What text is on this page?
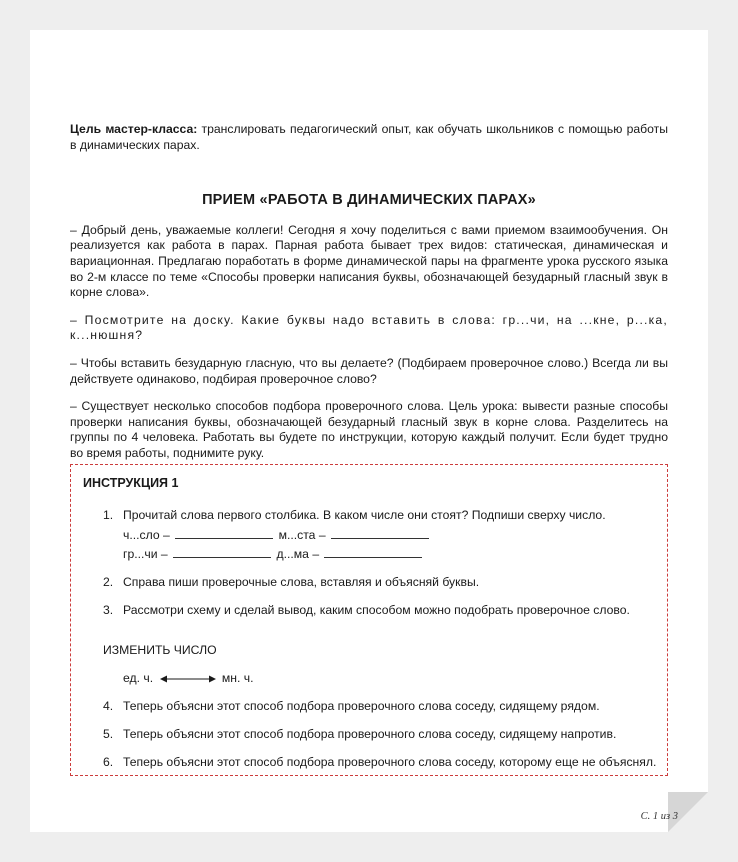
Цель мастер-класса: транслировать педагогический опыт, как обучать школьников с помощью работы в динамических парах.

ПРИЕМ «РАБОТА В ДИНАМИЧЕСКИХ ПАРАХ»

– Добрый день, уважаемые коллеги! Сегодня я хочу поделиться с вами приемом взаимообучения. Он реализуется как работа в парах. Парная работа бывает трех видов: статическая, динамическая и вариационная. Предлагаю поработать в форме динамической пары на фрагменте урока русского языка во 2-м классе по теме «Способы проверки написания буквы, обозначающей безударный гласный звук в корне слова».

– Посмотрите на доску. Какие буквы надо вставить в слова: гр...чи, на ...кне, р...ка, к...нюшня?

– Чтобы вставить безударную гласную, что вы делаете? (Подбираем проверочное слово.) Всегда ли вы действуете одинаково, подбирая проверочное слово?

– Существует несколько способов подбора проверочного слова. Цель урока: вывести разные способы проверки написания буквы, обозначающей безударный гласный звук в корне слова. Разделитесь на группы по 4 человека. Работать вы будете по инструкции, которую каждый получит. Если будет трудно во время работы, поднимите руку.

ИНСТРУКЦИЯ 1
1. Прочитай слова первого столбика. В каком числе они стоят? Подпиши сверху число.
ч...сло –	м...ста –
гр...чи –	д...ма –
2. Справа пиши проверочные слова, вставляя и объясняй буквы.
3. Рассмотри схему и сделай вывод, каким способом можно подобрать проверочное слово.
ИЗМЕНИТЬ ЧИСЛО
ед. ч.	мн. ч.
4. Теперь объясни этот способ подбора проверочного слова соседу, сидящему рядом.
5. Теперь объясни этот способ подбора проверочного слова соседу, сидящему напротив.
6. Теперь объясни этот способ подбора проверочного слова соседу, которому еще не объяснял.
С. 1 из 3
